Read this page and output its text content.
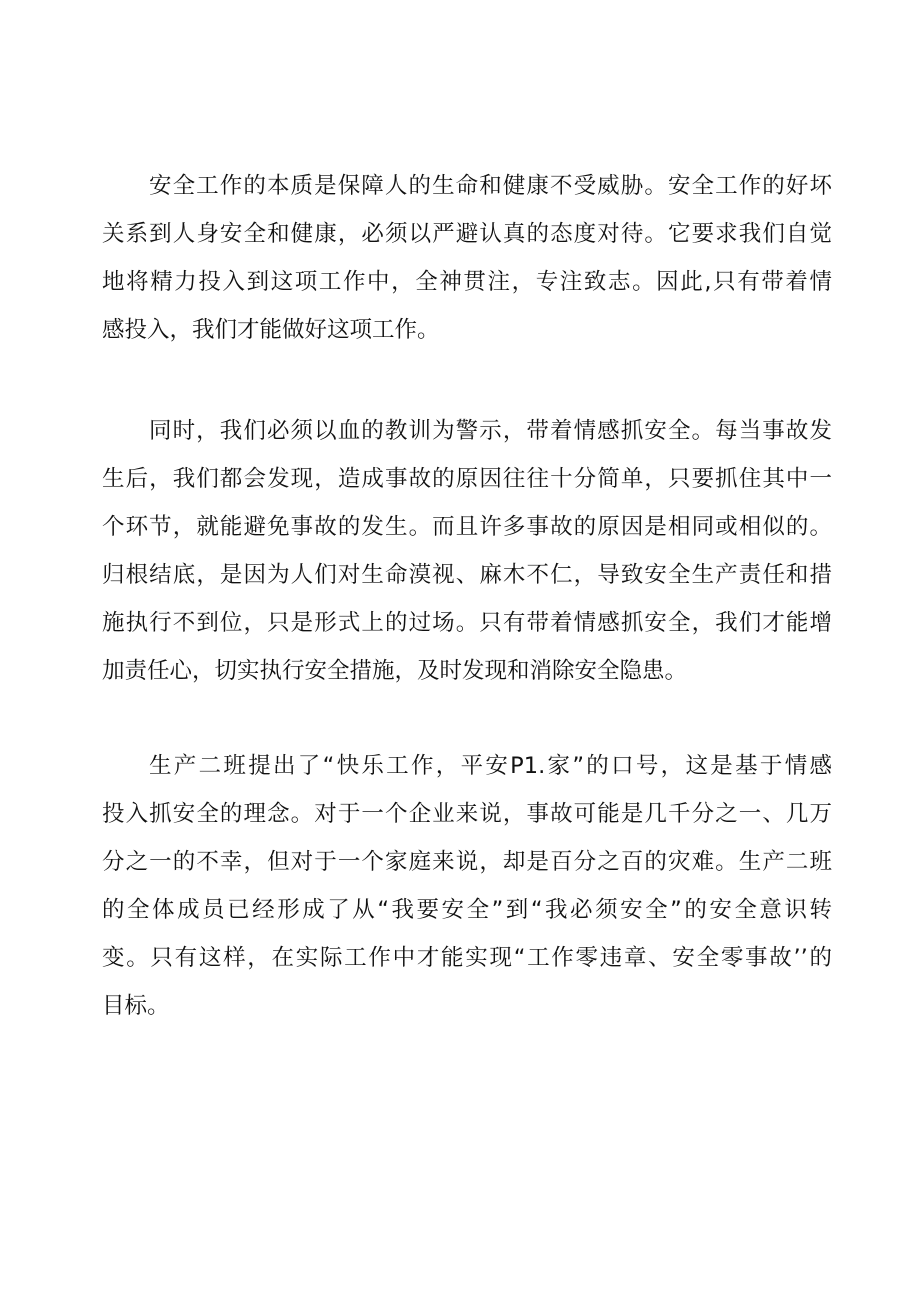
安全工作的本质是保障人的生命和健康不受威胁。安全工作的好坏
关系到人身安全和健康，必须以严避认真的态度对待。它要求我们自觉
地将精力投入到这项工作中，全神贯注，专注致志。因此,只有带着情
感投入，我们才能做好这项工作。
同时，我们必须以血的教训为警示，带着情感抓安全。每当事故发
生后，我们都会发现，造成事故的原因往往十分简单，只要抓住其中一
个环节，就能避免事故的发生。而且许多事故的原因是相同或相似的。
归根结底，是因为人们对生命漠视、麻木不仁，导致安全生产责任和措
施执行不到位，只是形式上的过场。只有带着情感抓安全，我们才能增
加责任心，切实执行安全措施，及时发现和消除安全隐患。
生产二班提出了“快乐工作，平安P1.家”的口号，这是基于情感
投入抓安全的理念。对于一个企业来说，事故可能是几千分之一、几万
分之一的不幸，但对于一个家庭来说，却是百分之百的灾难。生产二班
的全体成员已经形成了从“我要安全”到“我必须安全”的安全意识转
变。只有这样，在实际工作中才能实现“工作零违章、安全零事故’’的
目标。
